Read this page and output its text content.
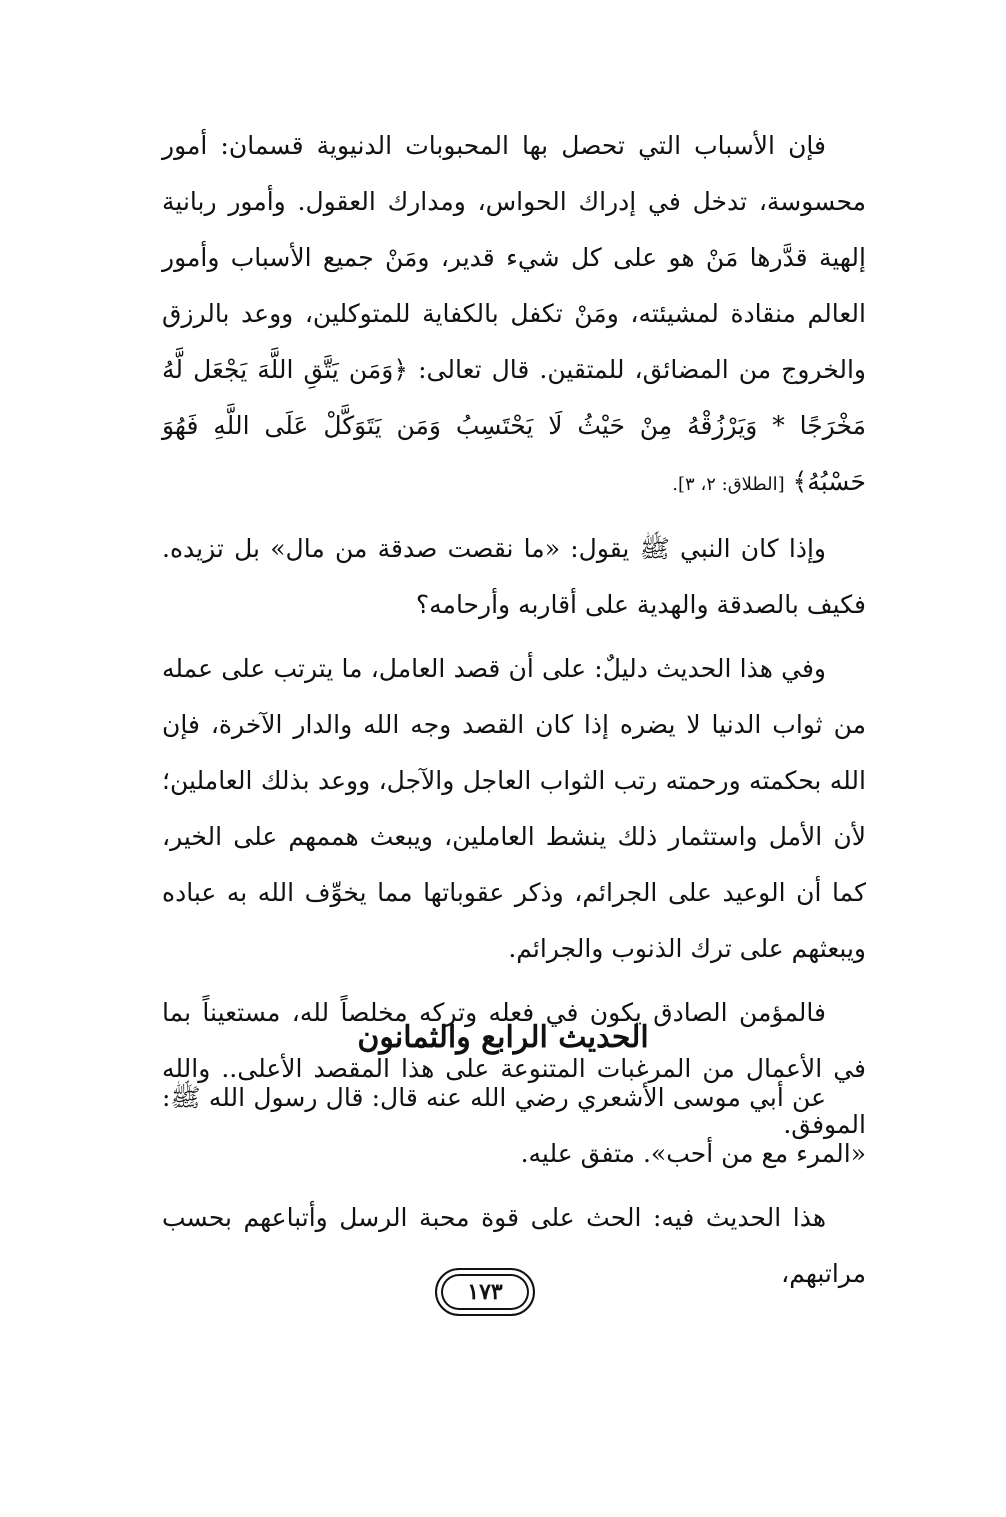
فإن الأسباب التي تحصل بها المحبوبات الدنيوية قسمان: أمور محسوسة، تدخل في إدراك الحواس، ومدارك العقول. وأمور ربانية إلهية قدَّرها مَنْ هو على كل شيء قدير، ومَنْ جميع الأسباب وأمور العالم منقادة لمشيئته، ومَنْ تكفل بالكفاية للمتوكلين، ووعد بالرزق والخروج من المضائق، للمتقين. قال تعالى: ﴿وَمَن يَتَّقِ اللَّهَ يَجْعَل لَّهُ مَخْرَجًا * وَيَرْزُقْهُ مِنْ حَيْثُ لَا يَحْتَسِبُ وَمَن يَتَوَكَّلْ عَلَى اللَّهِ فَهُوَ حَسْبُهُ﴾ [الطلاق: ٢، ٣].

وإذا كان النبي ﷺ يقول: «ما نقصت صدقة من مال» بل تزيده. فكيف بالصدقة والهدية على أقاربه وأرحامه؟

وفي هذا الحديث دليلٌ: على أن قصد العامل، ما يترتب على عمله من ثواب الدنيا لا يضره إذا كان القصد وجه الله والدار الآخرة، فإن الله بحكمته ورحمته رتب الثواب العاجل والآجل، ووعد بذلك العاملين؛ لأن الأمل واستثمار ذلك ينشط العاملين، ويبعث هممهم على الخير، كما أن الوعيد على الجرائم، وذكر عقوباتها مما يخوِّف الله به عباده ويبعثهم على ترك الذنوب والجرائم.

فالمؤمن الصادق يكون في فعله وتركه مخلصاً لله، مستعيناً بما في الأعمال من المرغبات المتنوعة على هذا المقصد الأعلى.. والله الموفق.

الحديث الرابع والثمانون

عن أبي موسى الأشعري رضي الله عنه قال: قال رسول الله ﷺ: «المرء مع من أحب». متفق عليه.

هذا الحديث فيه: الحث على قوة محبة الرسل وأتباعهم بحسب مراتبهم،

١٧٣
